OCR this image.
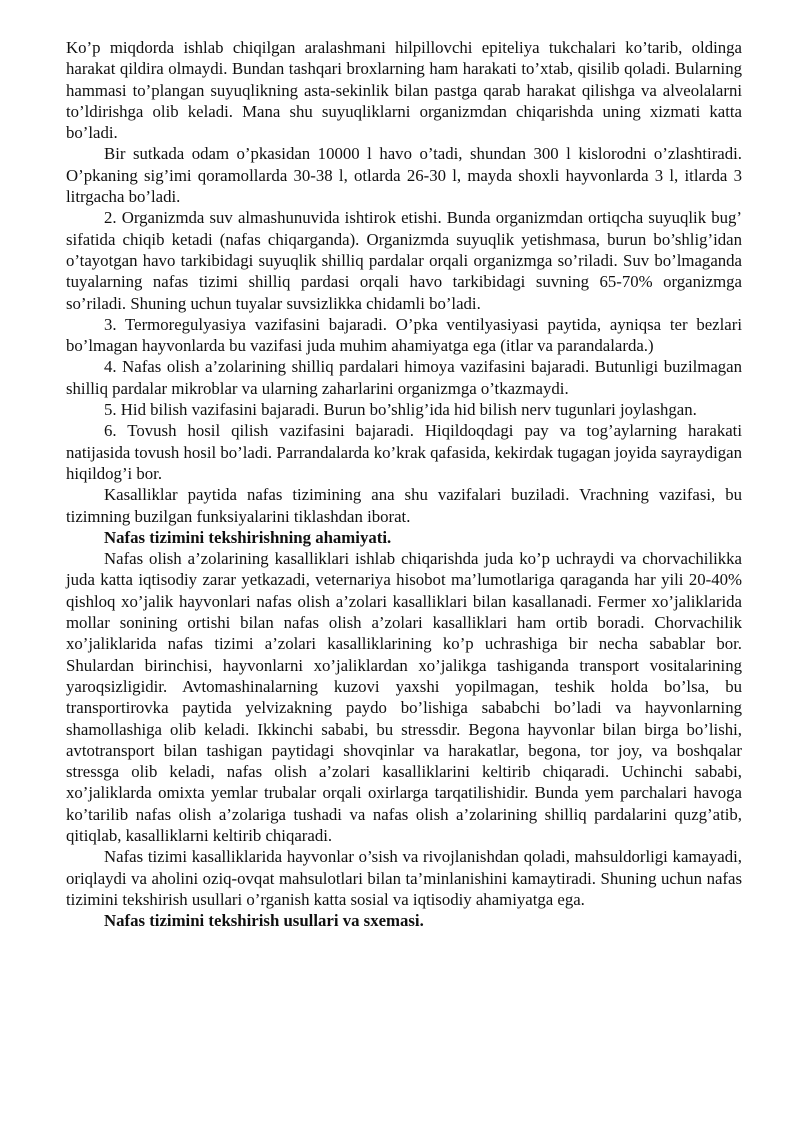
Ko’p miqdorda ishlab chiqilgan aralashmani hilpillovchi epiteliya tukchalari ko’tarib, oldinga harakat qildira olmaydi. Bundan tashqari broxlarning ham harakati to’xtab, qisilib qoladi. Bularning hammasi to’plangan suyuqlikning asta-sekinlik bilan pastga qarab harakat qilishga va alveolalarni to’ldirishga olib keladi. Mana shu suyuqliklarni organizmdan chiqarishda uning xizmati katta bo’ladi.

Bir sutkada odam o’pkasidan 10000 l havo o’tadi, shundan 300 l kislorodni o’zlashtiradi. O’pkaning sig’imi qoramollarda 30-38 l, otlarda 26-30 l, mayda shoxli hayvonlarda 3 l, itlarda 3 litrgacha bo’ladi.

2. Organizmda suv almashunuvida ishtirok etishi. Bunda organizmdan ortiqcha suyuqlik bug’ sifatida chiqib ketadi (nafas chiqarganda). Organizmda suyuqlik yetishmasa, burun bo’shlig’idan o’tayotgan havo tarkibidagi suyuqlik shilliq pardalar orqali organizmga so’riladi. Suv bo’lmaganda tuyalarning nafas tizimi shilliq pardasi orqali havo tarkibidagi suvning 65-70% organizmga so’riladi. Shuning uchun tuyalar suvsizlikka chidamli bo’ladi.

3. Termoregulyasiya vazifasini bajaradi. O’pka ventilyasiyasi paytida, ayniqsa ter bezlari bo’lmagan hayvonlarda bu vazifasi juda muhim ahamiyatga ega (itlar va parandalarda.)

4. Nafas olish a’zolarining shilliq pardalari himoya vazifasini bajaradi. Butunligi buzilmagan shilliq pardalar mikroblar va ularning zaharlarini organizmga o’tkazmaydi.

5. Hid bilish vazifasini bajaradi. Burun bo’shlig’ida hid bilish nerv tugunlari joylashgan.

6. Tovush hosil qilish vazifasini bajaradi. Hiqildoqdagi pay va tog’aylarning harakati natijasida tovush hosil bo’ladi. Parrandalarda ko’krak qafasida, kekirdak tugagan joyida sayraydigan hiqildog’i bor.

Kasalliklar paytida nafas tizimining ana shu vazifalari buziladi. Vrachning vazifasi, bu tizimning buzilgan funksiyalarini tiklashdan iborat.

Nafas tizimini tekshirishning ahamiyati.

Nafas olish a’zolarining kasalliklari ishlab chiqarishda juda ko’p uchraydi va chorvachilikka juda katta iqtisodiy zarar yetkazadi, veternariya hisobot ma’lumotlariga qaraganda har yili 20-40% qishloq xo’jalik hayvonlari nafas olish a’zolari kasalliklari bilan kasallanadi. Fermer xo’jaliklarida mollar sonining ortishi bilan nafas olish a’zolari kasalliklari ham ortib boradi. Chorvachilik xo’jaliklarida nafas tizimi a’zolari kasalliklarining ko’p uchrashiga bir necha sabablar bor. Shulardan birinchisi, hayvonlarni xo’jaliklardan xo’jalikga tashiganda transport vositalarining yaroqsizligidir. Avtomashinalarning kuzovi yaxshi yopilmagan, teshik holda bo’lsa, bu transportirovka paytida yelvizakning paydo bo’lishiga sababchi bo’ladi va hayvonlarning shamollashiga olib keladi. Ikkinchi sababi, bu stressdir. Begona hayvonlar bilan birga bo’lishi, avtotransport bilan tashigan paytidagi shovqinlar va harakatlar, begona, tor joy, va boshqalar stressga olib keladi, nafas olish a’zolari kasalliklarini keltirib chiqaradi. Uchinchi sababi, xo’jaliklarda omixta yemlar trubalar orqali oxirlarga tarqatilishidir. Bunda yem parchalari havoga ko’tarilib nafas olish a’zolariga tushadi va nafas olish a’zolarining shilliq pardalarini quzg’atib, qitiqlab, kasalliklarni keltirib chiqaradi.

Nafas tizimi kasalliklarida hayvonlar o’sish va rivojlanishdan qoladi, mahsuldorligi kamayadi, oriqlaydi va aholini oziq-ovqat mahsulotlari bilan ta’minlanishini kamaytiradi. Shuning uchun nafas tizimini tekshirish usullari o’rganish katta sosial va iqtisodiy ahamiyatga ega.

Nafas tizimini tekshirish usullari va sxemasi.
